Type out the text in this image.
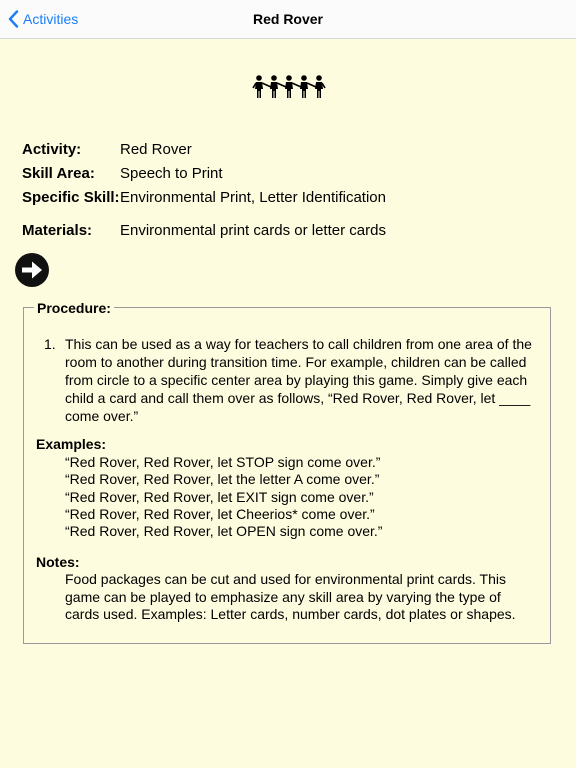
Activities	Red Rover
Activity:	Red Rover
Skill Area: Speech to Print
Specific Skill: Environmental Print, Letter Identification
Materials: Environmental print cards or letter cards
Procedure:
1. This can be used as a way for teachers to call children from one area of the room to another during transition time. For example, children can be called from circle to a specific center area by playing this game. Simply give each child a card and call them over as follows, “Red Rover, Red Rover, let ____ come over.”
Examples:
“Red Rover, Red Rover, let STOP sign come over.”
“Red Rover, Red Rover, let the letter A come over.”
“Red Rover, Red Rover, let EXIT sign come over.”
“Red Rover, Red Rover, let Cheerios* come over.”
“Red Rover, Red Rover, let OPEN sign come over.”
Notes:
Food packages can be cut and used for environmental print cards. This game can be played to emphasize any skill area by varying the type of cards used. Examples: Letter cards, number cards, dot plates or shapes.
